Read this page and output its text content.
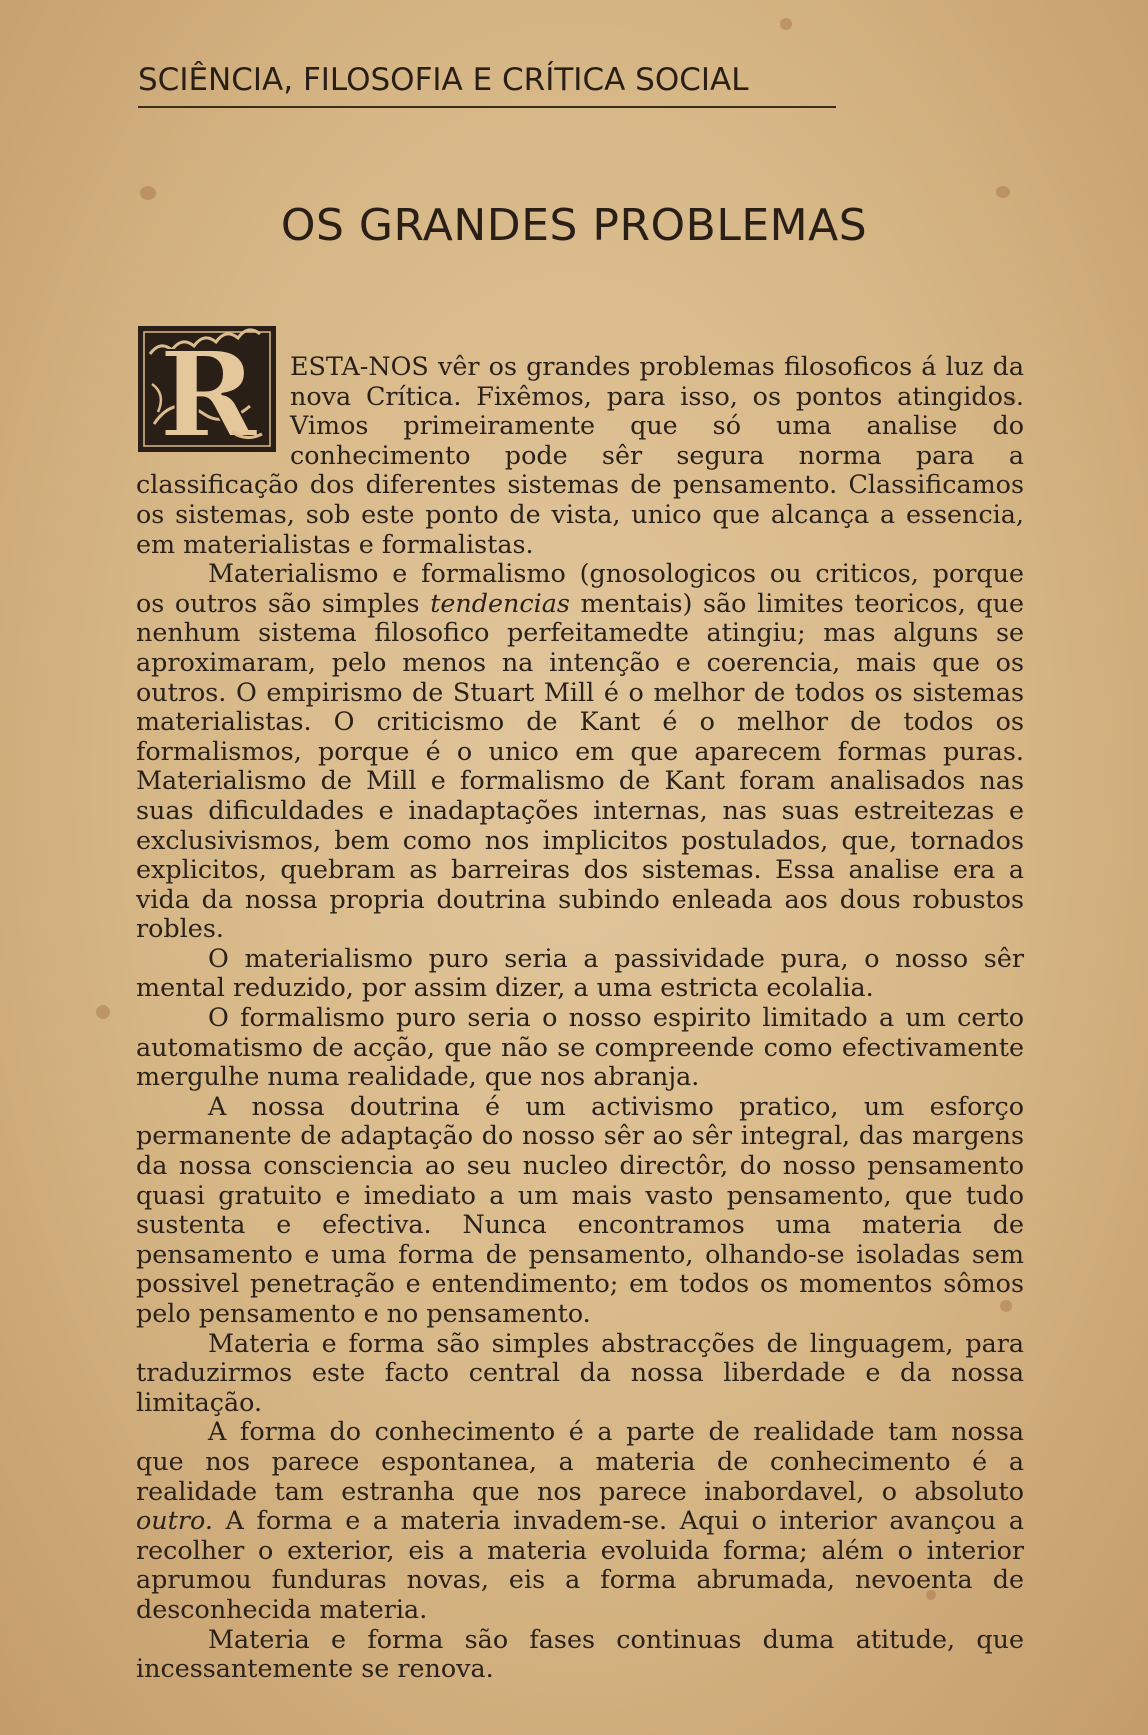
SCIÊNCIA, FILOSOFIA E CRÍTICA SOCIAL
OS GRANDES PROBLEMAS

R ESTA-NOS vêr os grandes problemas filosoficos á luz da nova Crítica. Fixêmos, para isso, os pontos atingidos. Vimos primeiramente que só uma analise do conhecimento pode sêr segura norma para a classificação dos diferentes sistemas de pensamento. Classificamos os sistemas, sob este ponto de vista, unico que alcança a essencia, em materialistas e formalistas.

Materialismo e formalismo (gnosologicos ou criticos, porque os outros são simples tendencias mentais) são limites teoricos, que nenhum sistema filosofico perfeitamedte atingiu; mas alguns se aproximaram, pelo menos na intenção e coerencia, mais que os outros. O empirismo de Stuart Mill é o melhor de todos os sistemas materialistas. O criticismo de Kant é o melhor de todos os formalismos, porque é o unico em que aparecem formas puras. Materialismo de Mill e formalismo de Kant foram analisados nas suas dificuldades e inadaptações internas, nas suas estreitezas e exclusivismos, bem como nos implicitos postulados, que, tornados explicitos, quebram as barreiras dos sistemas. Essa analise era a vida da nossa propria doutrina subindo enleada aos dous robustos robles.

O materialismo puro seria a passividade pura, o nosso sêr mental reduzido, por assim dizer, a uma estricta ecolalia.

O formalismo puro seria o nosso espirito limitado a um certo automatismo de acção, que não se compreende como efectivamente mergulhe numa realidade, que nos abranja.

A nossa doutrina é um activismo pratico, um esforço permanente de adaptação do nosso sêr ao sêr integral, das margens da nossa consciencia ao seu nucleo directôr, do nosso pensamento quasi gratuito e imediato a um mais vasto pensamento, que tudo sustenta e efectiva. Nunca encontramos uma materia de pensamento e uma forma de pensamento, olhando-se isoladas sem possivel penetração e entendimento; em todos os momentos sômos pelo pensamento e no pensamento.

Materia e forma são simples abstracções de linguagem, para traduzirmos este facto central da nossa liberdade e da nossa limitação.

A forma do conhecimento é a parte de realidade tam nossa que nos parece espontanea, a materia de conhecimento é a realidade tam estranha que nos parece inabordavel, o absoluto outro. A forma e a materia invadem-se. Aqui o interior avançou a recolher o exterior, eis a materia evoluida forma; além o interior aprumou funduras novas, eis a forma abrumada, nevoenta de desconhecida materia.

Materia e forma são fases continuas duma atitude, que incessantemente se renova.
